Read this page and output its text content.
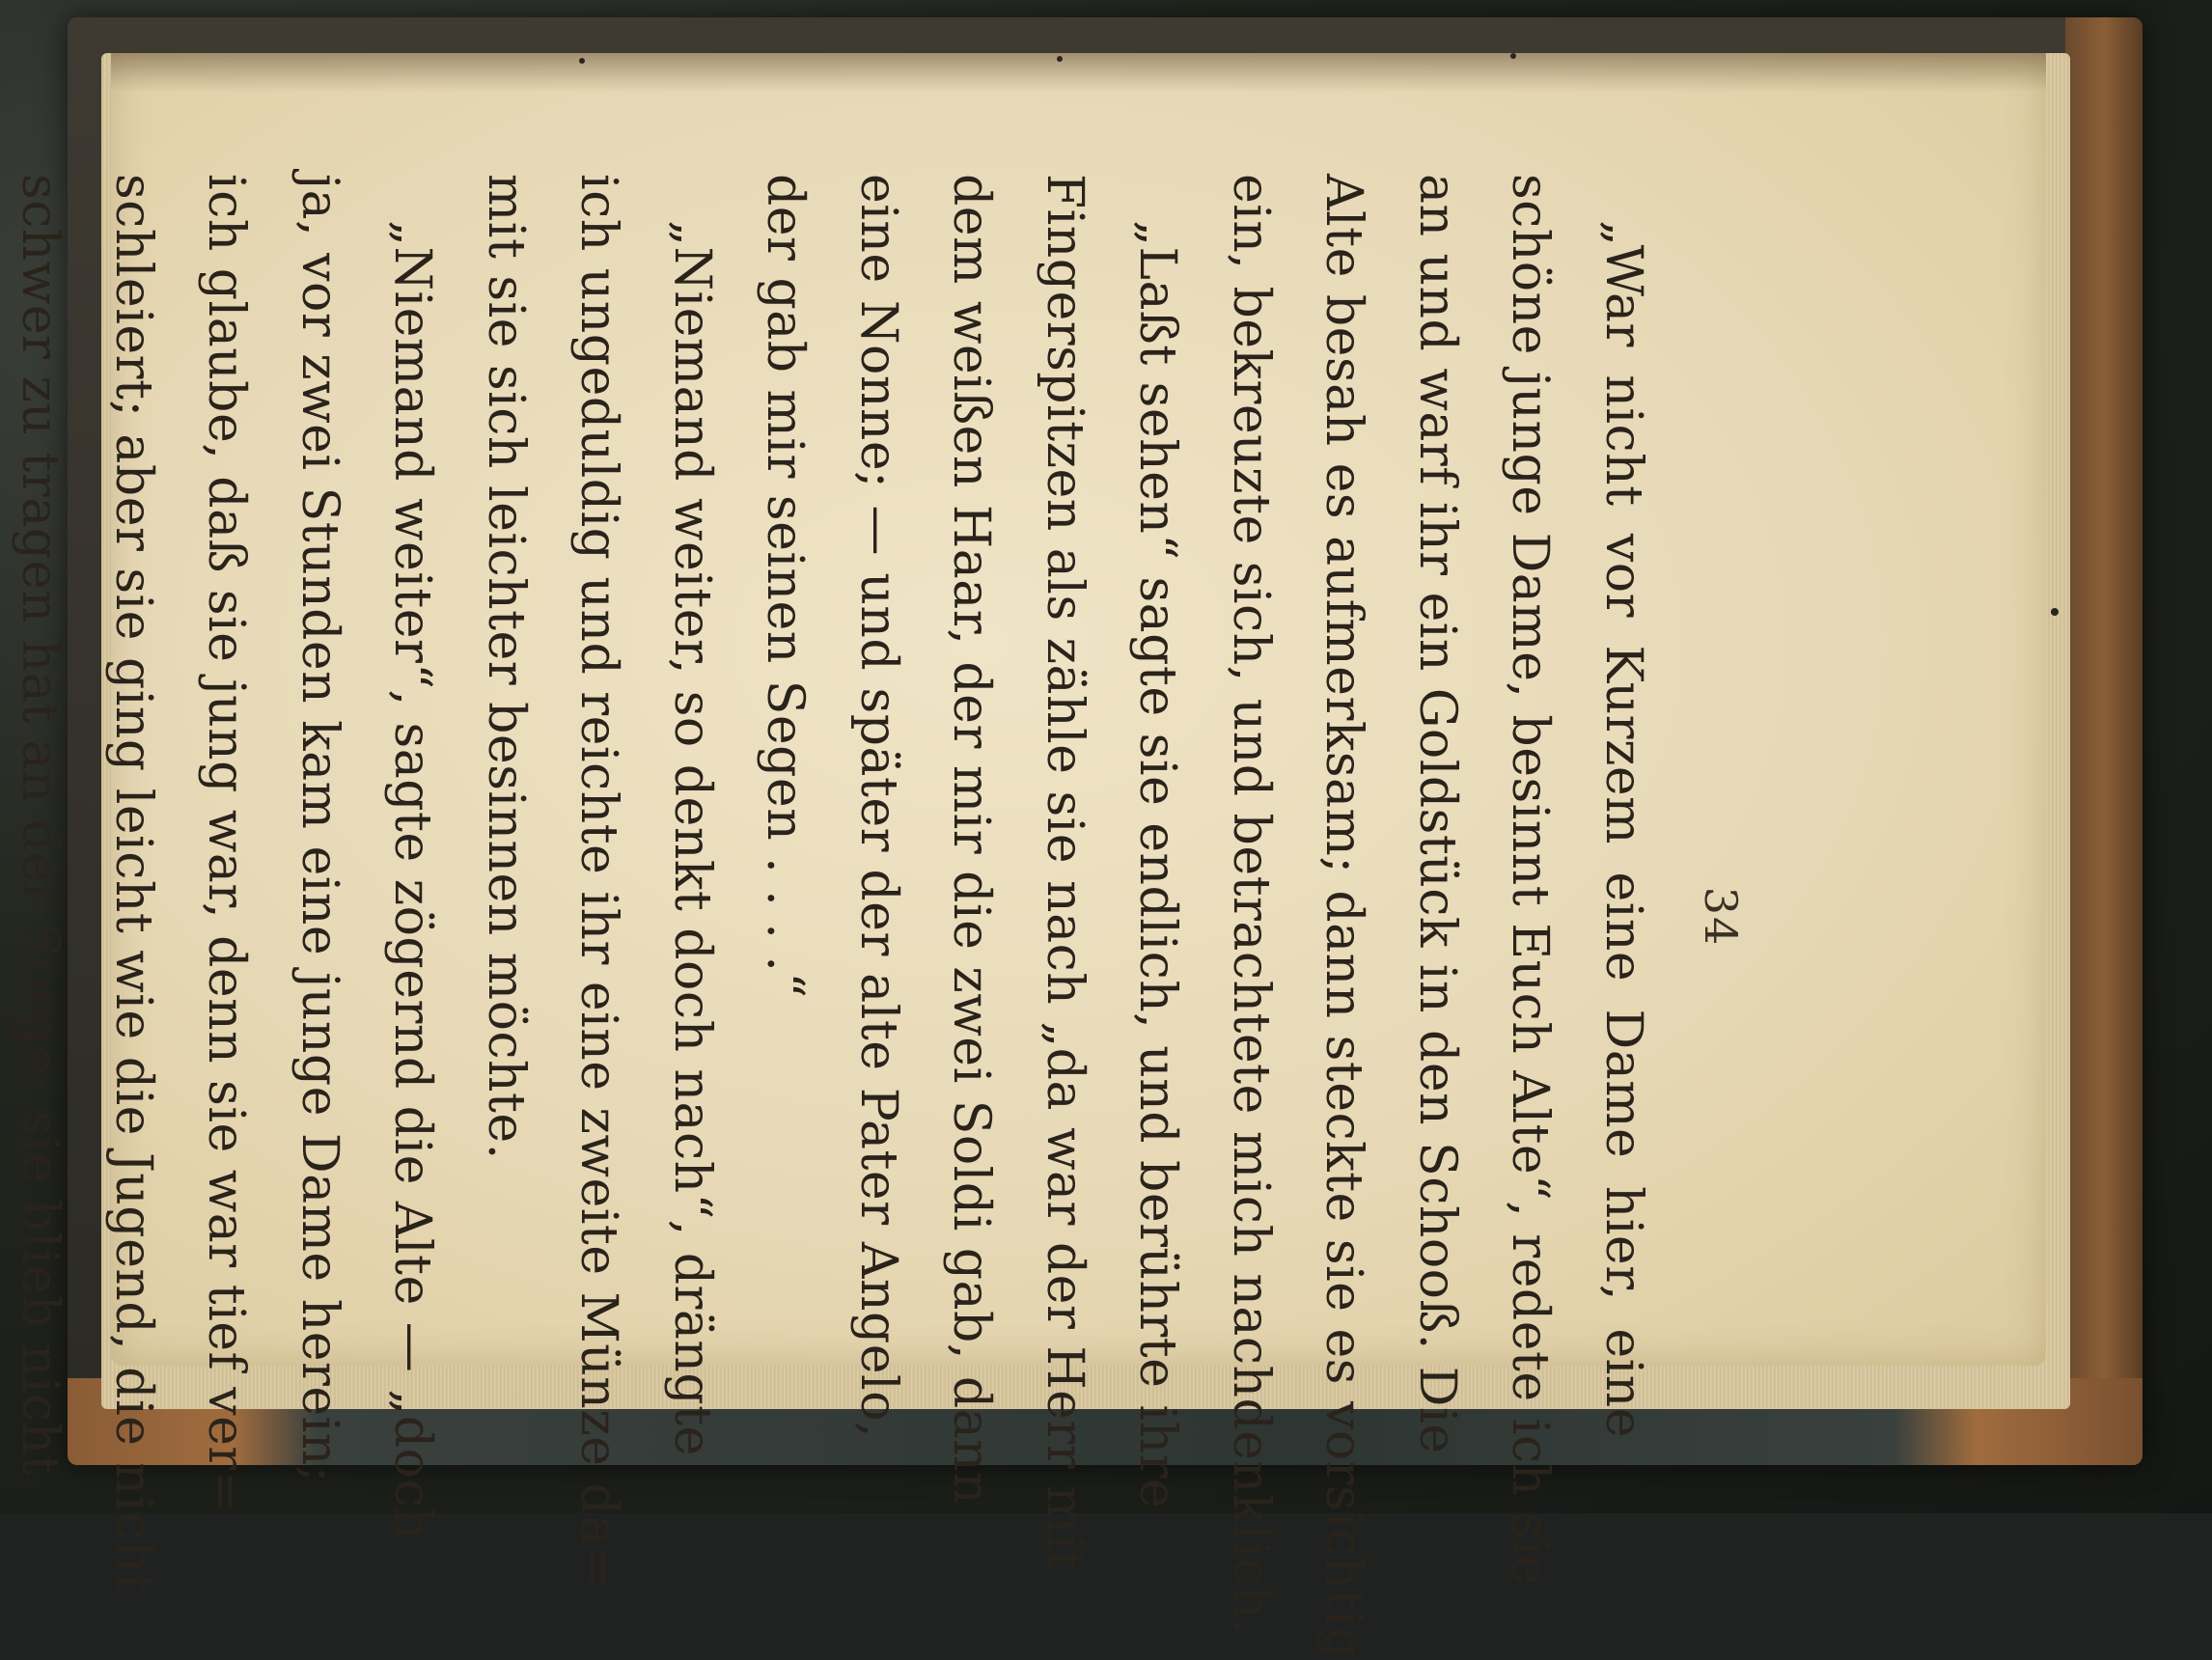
34
„War nicht vor Kurzem eine Dame hier, eine
schöne junge Dame, besinnt Euch Alte“, redete ich sie
an und warf ihr ein Goldstück in den Schooß. Die
Alte besah es aufmerksam; dann steckte sie es vorsichtig
ein, bekreuzte sich, und betrachtete mich nachdenklich.
„Laßt sehen“ sagte sie endlich, und berührte ihre
Fingerspitzen als zähle sie nach „da war der Herr mit
dem weißen Haar, der mir die zwei Soldi gab, dann
eine Nonne; — und später der alte Pater Angelo,
der gab mir seinen Segen . . . .“
„Niemand weiter, so denkt doch nach“, drängte
ich ungeduldig und reichte ihr eine zweite Münze da=
mit sie sich leichter besinnen möchte.
„Niemand weiter“, sagte zögernd die Alte — „doch
ja, vor zwei Stunden kam eine junge Dame herein;
ich glaube, daß sie jung war, denn sie war tief ver=
schleiert; aber sie ging leicht wie die Jugend, die nicht
schwer zu tragen hat an der Sorge; sie blieb nicht
